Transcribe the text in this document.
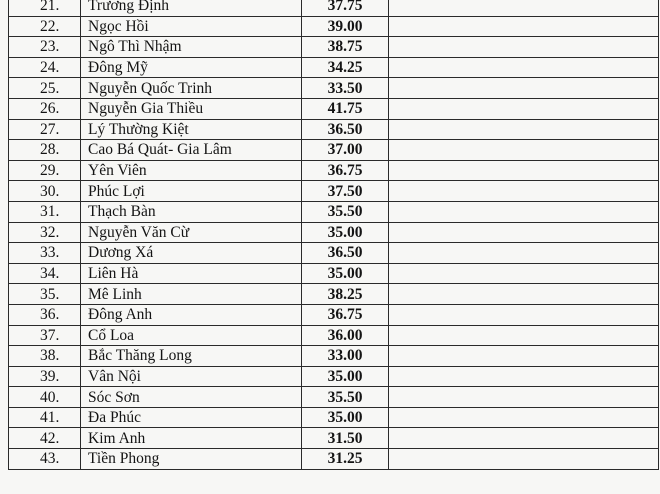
21.	Trương Định	37.75	
22.	Ngọc Hồi	39.00	
23.	Ngô Thì Nhậm	38.75	
24.	Đông Mỹ	34.25	
25.	Nguyễn Quốc Trinh	33.50	
26.	Nguyễn Gia Thiều	41.75	
27.	Lý Thường Kiệt	36.50	
28.	Cao Bá Quát- Gia Lâm	37.00	
29.	Yên Viên	36.75	
30.	Phúc Lợi	37.50	
31.	Thạch Bàn	35.50	
32.	Nguyễn Văn Cừ	35.00	
33.	Dương Xá	36.50	
34.	Liên Hà	35.00	
35.	Mê Linh	38.25	
36.	Đông Anh	36.75	
37.	Cổ Loa	36.00	
38.	Bắc Thăng Long	33.00	
39.	Vân Nội	35.00	
40.	Sóc Sơn	35.50	
41.	Đa Phúc	35.00	
42.	Kim Anh	31.50	
43.	Tiền Phong	31.25	
